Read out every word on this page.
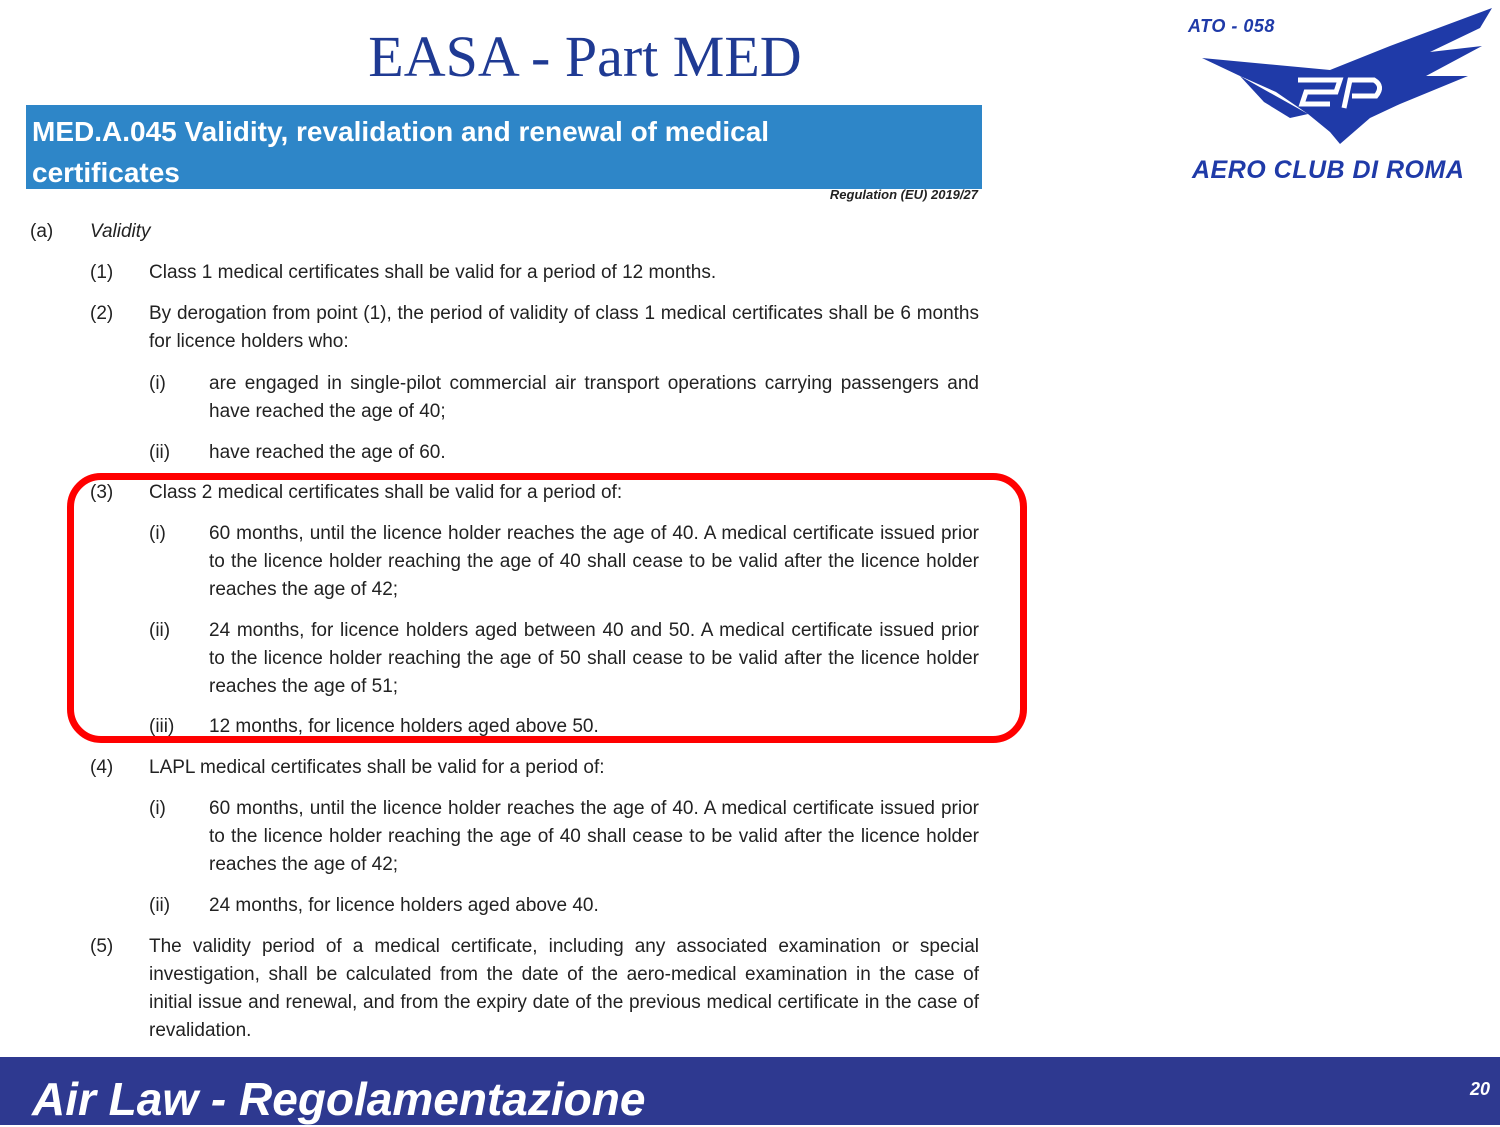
EASA - Part MED	ATO - 058
AERO CLUB DI ROMA
MED.A.045 Validity, revalidation and renewal of medical certificates
Regulation (EU) 2019/27
(a) Validity
(1) Class 1 medical certificates shall be valid for a period of 12 months.
(2) By derogation from point (1), the period of validity of class 1 medical certificates shall be 6 months for licence holders who:
(i) are engaged in single-pilot commercial air transport operations carrying passengers and have reached the age of 40;
(ii) have reached the age of 60.
(3) Class 2 medical certificates shall be valid for a period of:
(i) 60 months, until the licence holder reaches the age of 40. A medical certificate issued prior to the licence holder reaching the age of 40 shall cease to be valid after the licence holder reaches the age of 42;
(ii) 24 months, for licence holders aged between 40 and 50. A medical certificate issued prior to the licence holder reaching the age of 50 shall cease to be valid after the licence holder reaches the age of 51;
(iii) 12 months, for licence holders aged above 50.
(4) LAPL medical certificates shall be valid for a period of:
(i) 60 months, until the licence holder reaches the age of 40. A medical certificate issued prior to the licence holder reaching the age of 40 shall cease to be valid after the licence holder reaches the age of 42;
(ii) 24 months, for licence holders aged above 40.
(5) The validity period of a medical certificate, including any associated examination or special investigation, shall be calculated from the date of the aero-medical examination in the case of initial issue and renewal, and from the expiry date of the previous medical certificate in the case of revalidation.
Air Law - Regolamentazione	20
